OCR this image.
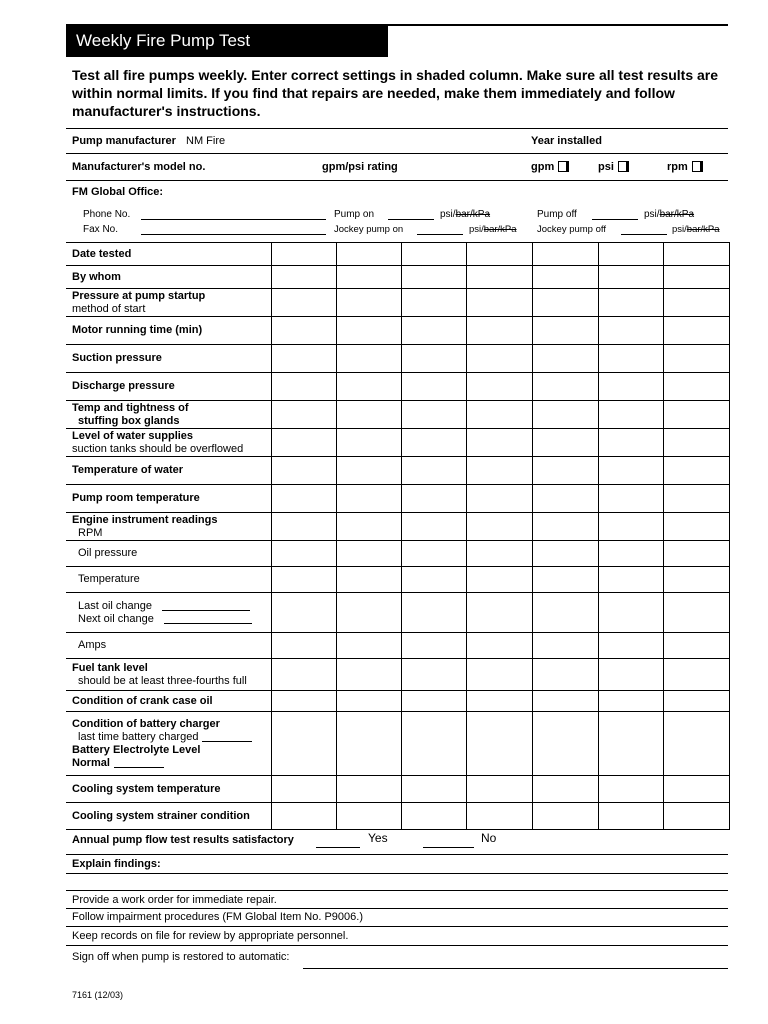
Weekly Fire Pump Test
Test all fire pumps weekly. Enter correct settings in shaded column. Make sure all test results are within normal limits. If you find that repairs are needed, make them immediately and follow manufacturer's instructions.
Pump manufacturer NM Fire	Year installed
Manufacturer's model no.	gpm/psi rating	gpm	psi	rpm
FM Global Office:
Phone No.
Fax No.
Pump on	psi/bar/kPa
Jockey pump on	psi/bar/kPa
Pump off	psi/bar/kPa
Jockey pump off	psi/bar/kPa
Date tested							

By whom							

Pressure at pump startup
method of start							

Motor running time (min)							

Suction pressure							

Discharge pressure							

Temp and tightness of
stuffing box glands							

Level of water supplies
suction tanks should be overflowed							

Temperature of water							

Pump room temperature							

Engine instrument readings
RPM							

Oil pressure							

Temperature							

Last oil change
Next oil change							

Amps							

Fuel tank level
should be at least three-fourths full							

Condition of crank case oil							

Condition of battery charger
last time battery charged
Battery Electrolyte Level
Normal							

Cooling system temperature							

Cooling system strainer condition							

Annual pump flow test results satisfactory	Yes	No
Explain findings:
Provide a work order for immediate repair.
Follow impairment procedures (FM Global Item No. P9006.)
Keep records on file for review by appropriate personnel.
Sign off when pump is restored to automatic:
7161 (12/03)
